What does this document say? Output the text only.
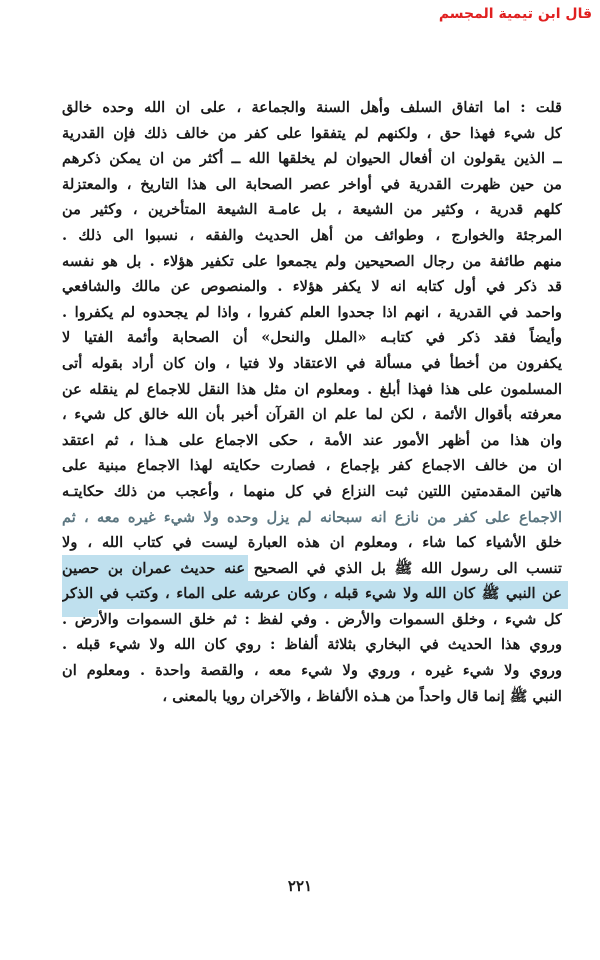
قال ابن تيمية المجسم
قلت : اما اتفاق السلف وأهل السنة والجماعة ، على ان الله وحده خالق
كل شيء فهذا حق ، ولكنهم لم يتفقوا على كفر من خالف ذلك فإن القدرية
ــ الذين يقولون ان أفعال الحيوان لم يخلقها الله ــ أكثر من ان يمكن ذكرهم
من حين ظهرت القدرية في أواخر عصر الصحابة الى هذا التاريخ ، والمعتزلة
كلهم قدرية ، وكثير من الشيعة ، بل عامـة الشيعة المتأخرين ، وكثير من
المرجئة والخوارج ، وطوائف من أهل الحديث والفقه ، نسبوا الى ذلك .
منهم طائفة من رجال الصحيحين ولم يجمعوا على تكفير هؤلاء . بل هو نفسه
قد ذكر في أول كتابه انه لا يكفر هؤلاء . والمنصوص عن مالك والشافعي
واحمد في القدرية ، انهم اذا جحدوا العلم كفروا ، واذا لم يجحدوه لم يكفروا .
وأيضاً فقد ذكر في كتابـه «الملل والنحل» أن الصحابة وأئمة الفتيا لا
يكفرون من أخطأ في مسألة في الاعتقاد ولا فتيا ، وان كان أراد بقوله أتى
المسلمون على هذا فهذا أبلغ . ومعلوم ان مثل هذا النقل للاجماع لم ينقله عن
معرفته بأقوال الأئمة ، لكن لما علم ان القرآن أخبر بأن الله خالق كل شيء ،
وان هذا من أظهر الأمور عند الأمة ، حكى الاجماع على هـذا ، ثم اعتقد
ان من خالف الاجماع كفر بإجماع ، فصارت حكايته لهذا الاجماع مبنية على
هاتين المقدمتين اللتين ثبت النزاع في كل منهما ، وأعجب من ذلك حكايتـه
الاجماع على كفر من نازع انه سبحانه لم يزل وحده ولا شيء غيره معه ، ثم
خلق الأشياء كما شاء ، ومعلوم ان هذه العبارة ليست في كتاب الله ، ولا
تنسب الى رسول الله ﷺ بل الذي في الصحيح عنه حديث عمران بن حصين
عن النبي ﷺ كان الله ولا شيء قبله ، وكان عرشه على الماء ، وكتب في الذكر
كل شيء ، وخلق السموات والأرض . وفي لفظ : ثم خلق السموات والأرض .
وروي هذا الحديث في البخاري بثلاثة ألفاظ : روي كان الله ولا شيء قبله .
وروي ولا شيء غيره ، وروي ولا شيء معه ، والقصة واحدة . ومعلوم ان
النبي ﷺ إنما قال واحداً من هـذه الألفاظ ، والآخران رويا بالمعنى ،
٢٢١
